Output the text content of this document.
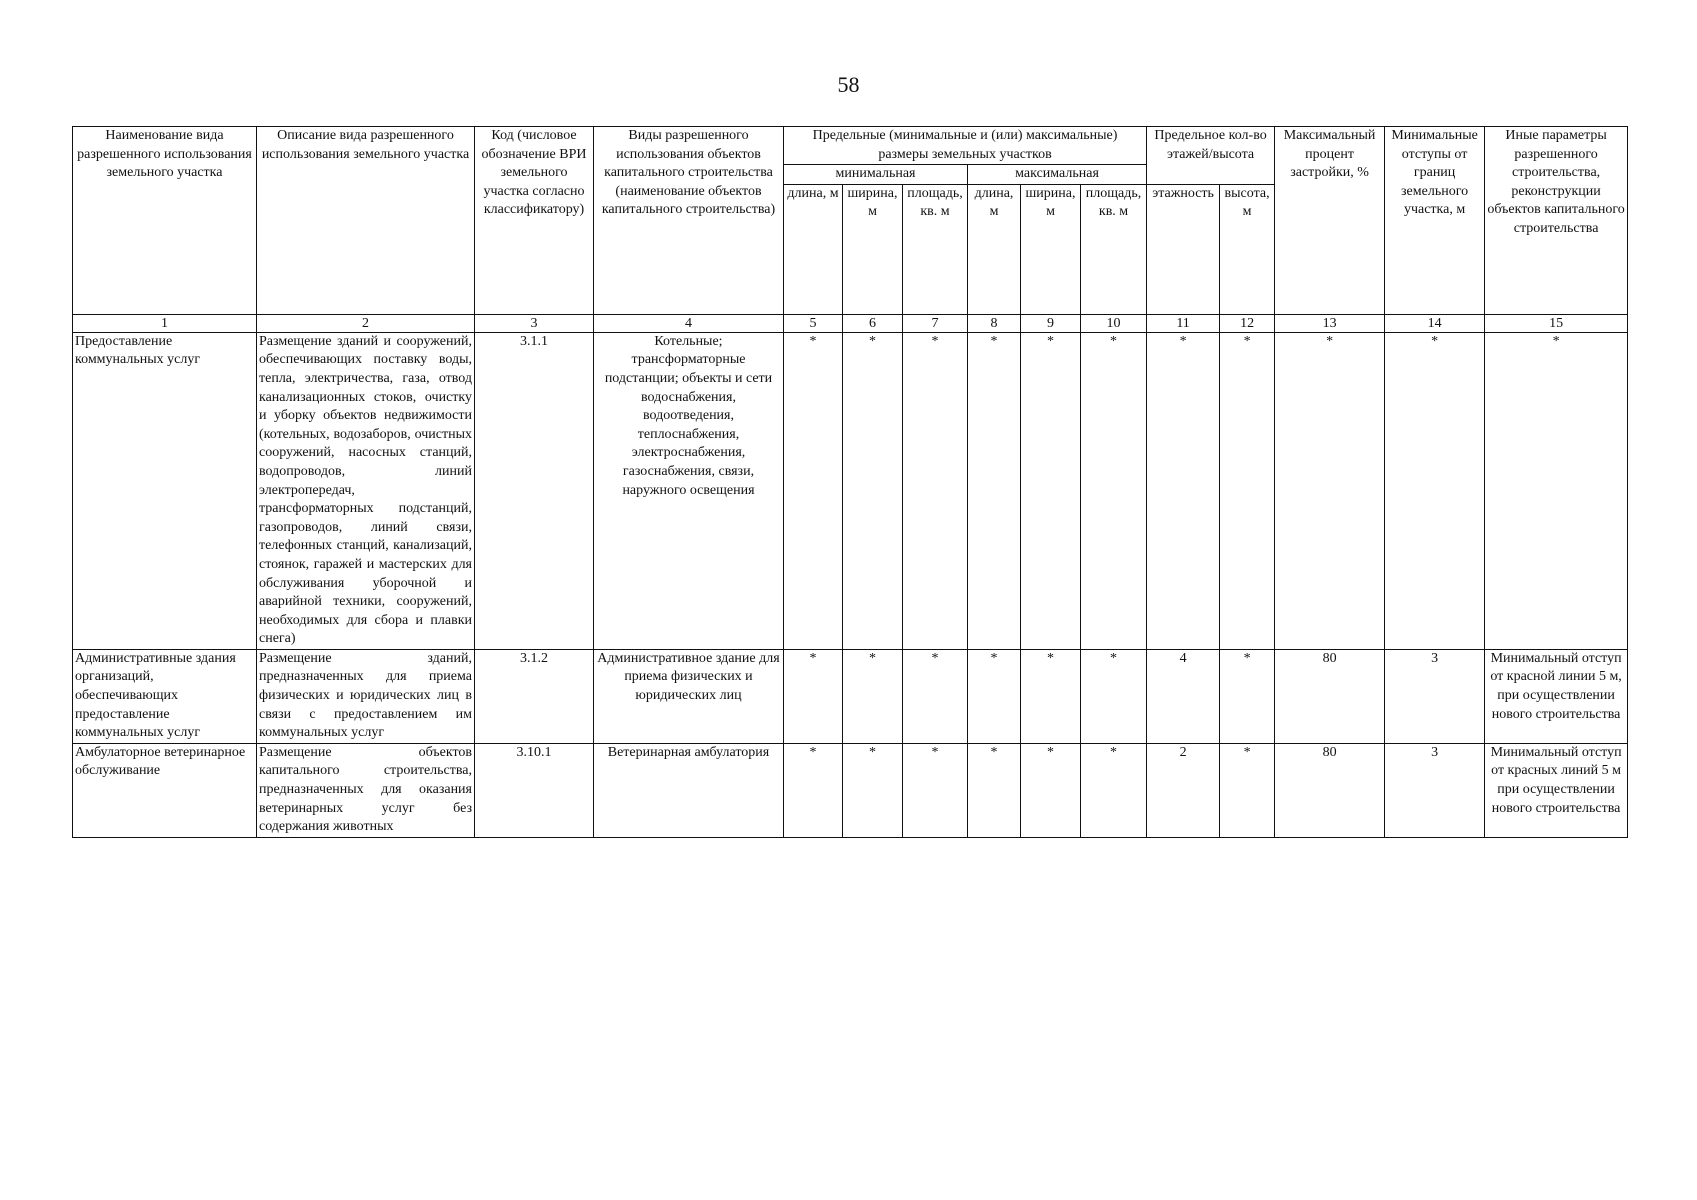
58
Наименование вида разрешенного использования земельного участка	Описание вида разрешенного использования земельного участка	Код (числовое обозначение ВРИ земельного участка согласно классификатору)	Виды разрешенного использования объектов капитального строительства (наименование объектов капитального строительства)	Предельные (минимальные и (или) максимальные) размеры земельных участков						Предельное кол-во этажей/высота		Максимальный процент застройки, %	Минимальные отступы от границ земельного участка, м	Иные параметры разрешенного строительства, реконструкции объектов капитального строительства
				минимальная			максимальная							
				длина, м	ширина, м	площадь, кв. м	длина, м	ширина, м	площадь, кв. м	этажность	высота, м			
1	2	3	4	5	6	7	8	9	10	11	12	13	14	15
Предоставление коммунальных услуг	Размещение зданий и сооружений, обеспечивающих поставку воды, тепла, электричества, газа, отвод канализационных стоков, очистку и уборку объектов недвижимости (котельных, водозаборов, очистных сооружений, насосных станций, водопроводов, линий электропередач, трансформаторных подстанций, газопроводов, линий связи, телефонных станций, канализаций, стоянок, гаражей и мастерских для обслуживания уборочной и аварийной техники, сооружений, необходимых для сбора и плавки снега)	3.1.1	Котельные; трансформаторные подстанции; объекты и сети водоснабжения, водоотведения, теплоснабжения, электроснабжения, газоснабжения, связи, наружного освещения	*	*	*	*	*	*	*	*	*	*	*
Административные здания организаций, обеспечивающих предоставление коммунальных услуг	Размещение зданий, предназначенных для приема физических и юридических лиц в связи с предоставлением им коммунальных услуг	3.1.2	Административное здание для приема физических и юридических лиц	*	*	*	*	*	*	4	*	80	3	Минимальный отступ от красной линии 5 м, при осуществлении нового строительства
Амбулаторное ветеринарное обслуживание	Размещение объектов капитального строительства, предназначенных для оказания ветеринарных услуг без содержания животных	3.10.1	Ветеринарная амбулатория	*	*	*	*	*	*	2	*	80	3	Минимальный отступ от красных линий 5 м при осуществлении нового строительства
